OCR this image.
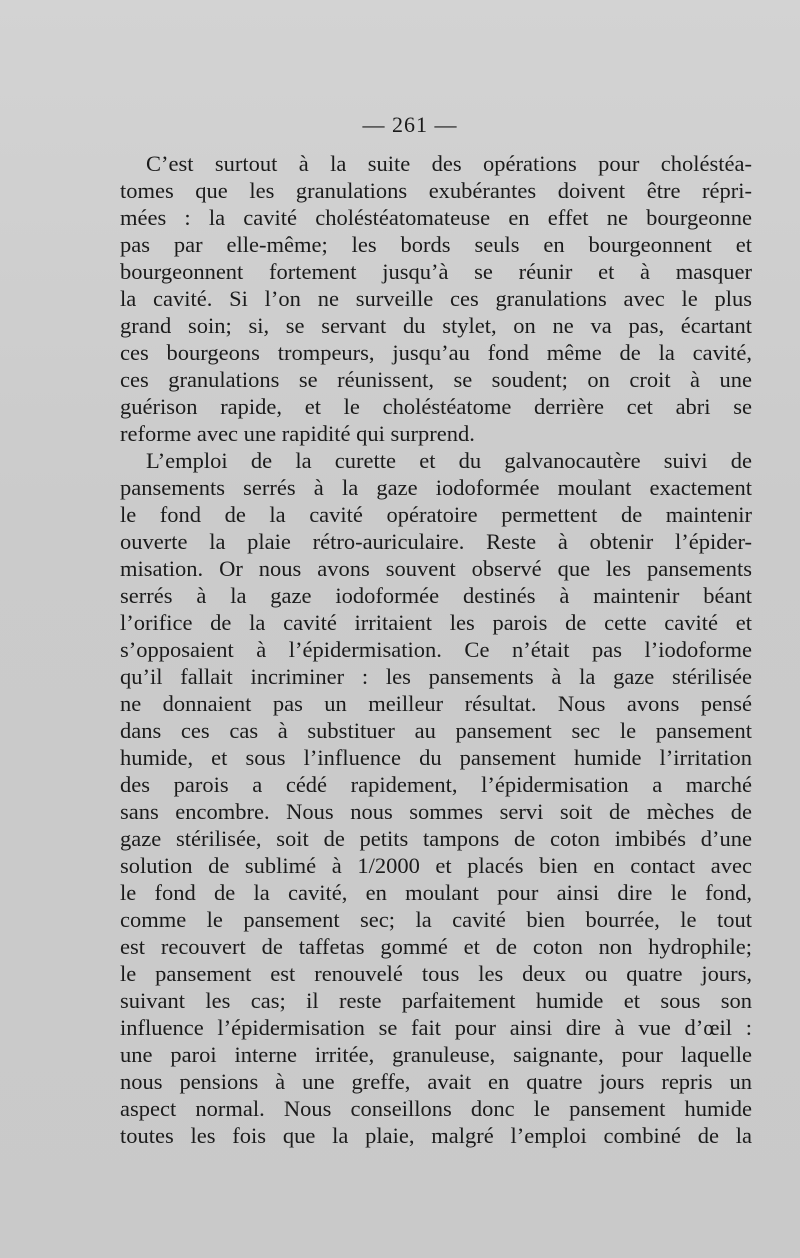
— 261 —
C’est surtout à la suite des opérations pour choléstéa-
tomes que les granulations exubérantes doivent être répri-
mées : la cavité choléstéatomateuse en effet ne bourgeonne
pas par elle-même; les bords seuls en bourgeonnent et
bourgeonnent fortement jusqu’à se réunir et à masquer
la cavité. Si l’on ne surveille ces granulations avec le plus
grand soin; si, se servant du stylet, on ne va pas, écartant
ces bourgeons trompeurs, jusqu’au fond même de la cavité,
ces granulations se réunissent, se soudent; on croit à une
guérison rapide, et le choléstéatome derrière cet abri se
reforme avec une rapidité qui surprend.
L’emploi de la curette et du galvanocautère suivi de
pansements serrés à la gaze iodoformée moulant exactement
le fond de la cavité opératoire permettent de maintenir
ouverte la plaie rétro-auriculaire. Reste à obtenir l’épider-
misation. Or nous avons souvent observé que les pansements
serrés à la gaze iodoformée destinés à maintenir béant
l’orifice de la cavité irritaient les parois de cette cavité et
s’opposaient à l’épidermisation. Ce n’était pas l’iodoforme
qu’il fallait incriminer : les pansements à la gaze stérilisée
ne donnaient pas un meilleur résultat. Nous avons pensé
dans ces cas à substituer au pansement sec le pansement
humide, et sous l’influence du pansement humide l’irritation
des parois a cédé rapidement, l’épidermisation a marché
sans encombre. Nous nous sommes servi soit de mèches de
gaze stérilisée, soit de petits tampons de coton imbibés d’une
solution de sublimé à 1/2000 et placés bien en contact avec
le fond de la cavité, en moulant pour ainsi dire le fond,
comme le pansement sec; la cavité bien bourrée, le tout
est recouvert de taffetas gommé et de coton non hydrophile;
le pansement est renouvelé tous les deux ou quatre jours,
suivant les cas; il reste parfaitement humide et sous son
influence l’épidermisation se fait pour ainsi dire à vue d’œil :
une paroi interne irritée, granuleuse, saignante, pour laquelle
nous pensions à une greffe, avait en quatre jours repris un
aspect normal. Nous conseillons donc le pansement humide
toutes les fois que la plaie, malgré l’emploi combiné de la
